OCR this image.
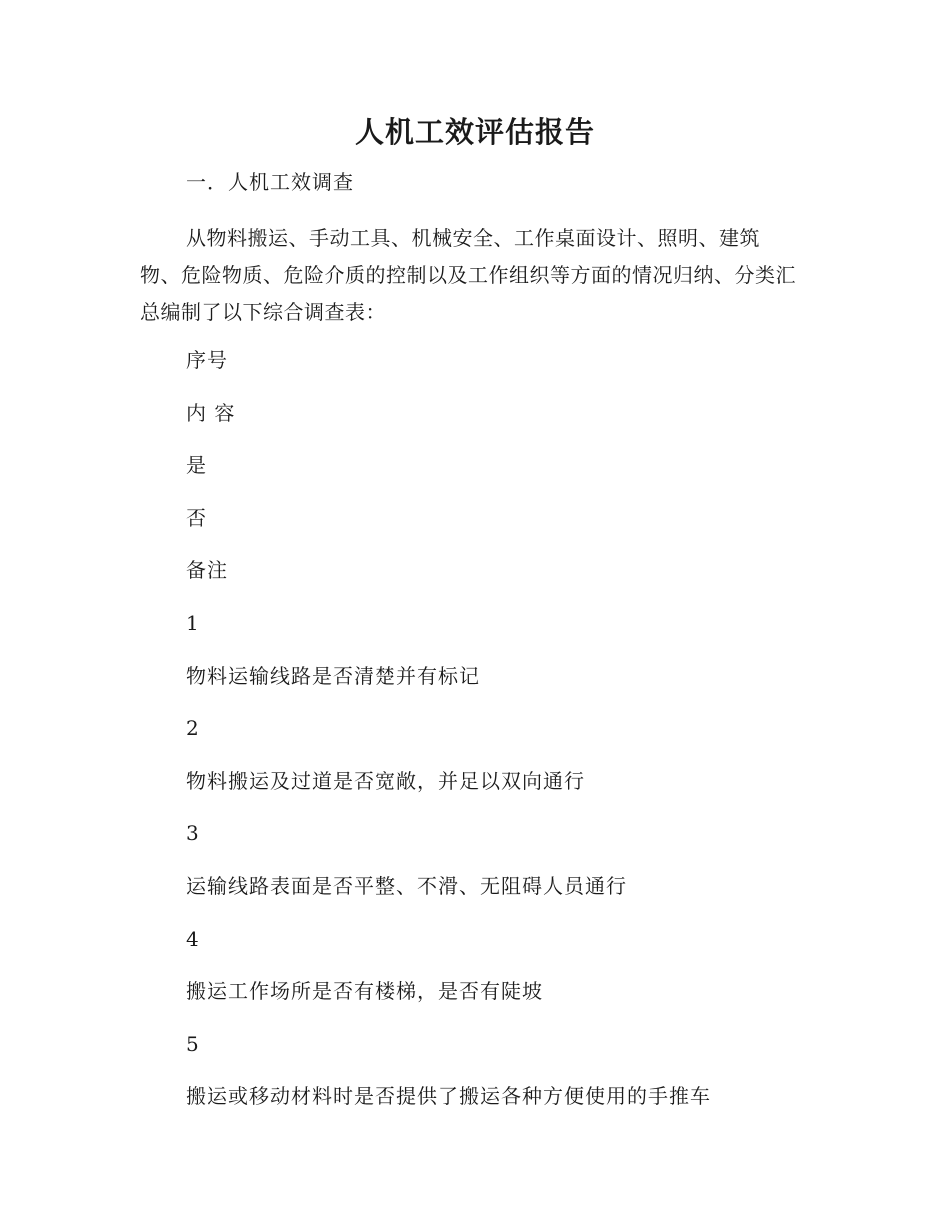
人机工效评估报告
一．人机工效调查
从物料搬运、手动工具、机械安全、工作桌面设计、照明、建筑物、危险物质、危险介质的控制以及工作组织等方面的情况归纳、分类汇总编制了以下综合调查表：
序号
内 容
是
否
备注
1
物料运输线路是否清楚并有标记
2
物料搬运及过道是否宽敞，并足以双向通行
3
运输线路表面是否平整、不滑、无阻碍人员通行
4
搬运工作场所是否有楼梯，是否有陡坡
5
搬运或移动材料时是否提供了搬运各种方便使用的手推车
